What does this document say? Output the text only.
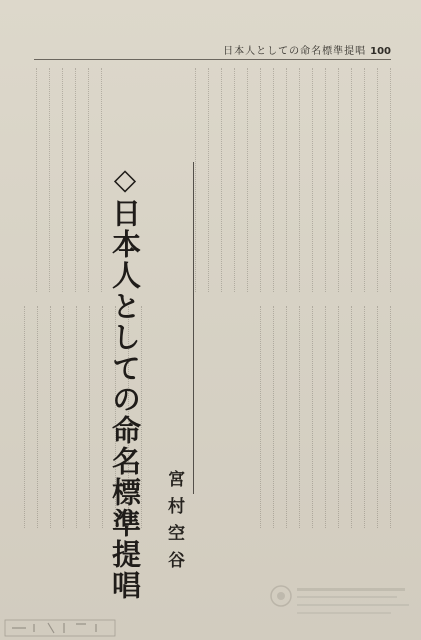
日本人としての命名標準提唱 100
◇日本人としての命名標準提唱 宮村空谷
